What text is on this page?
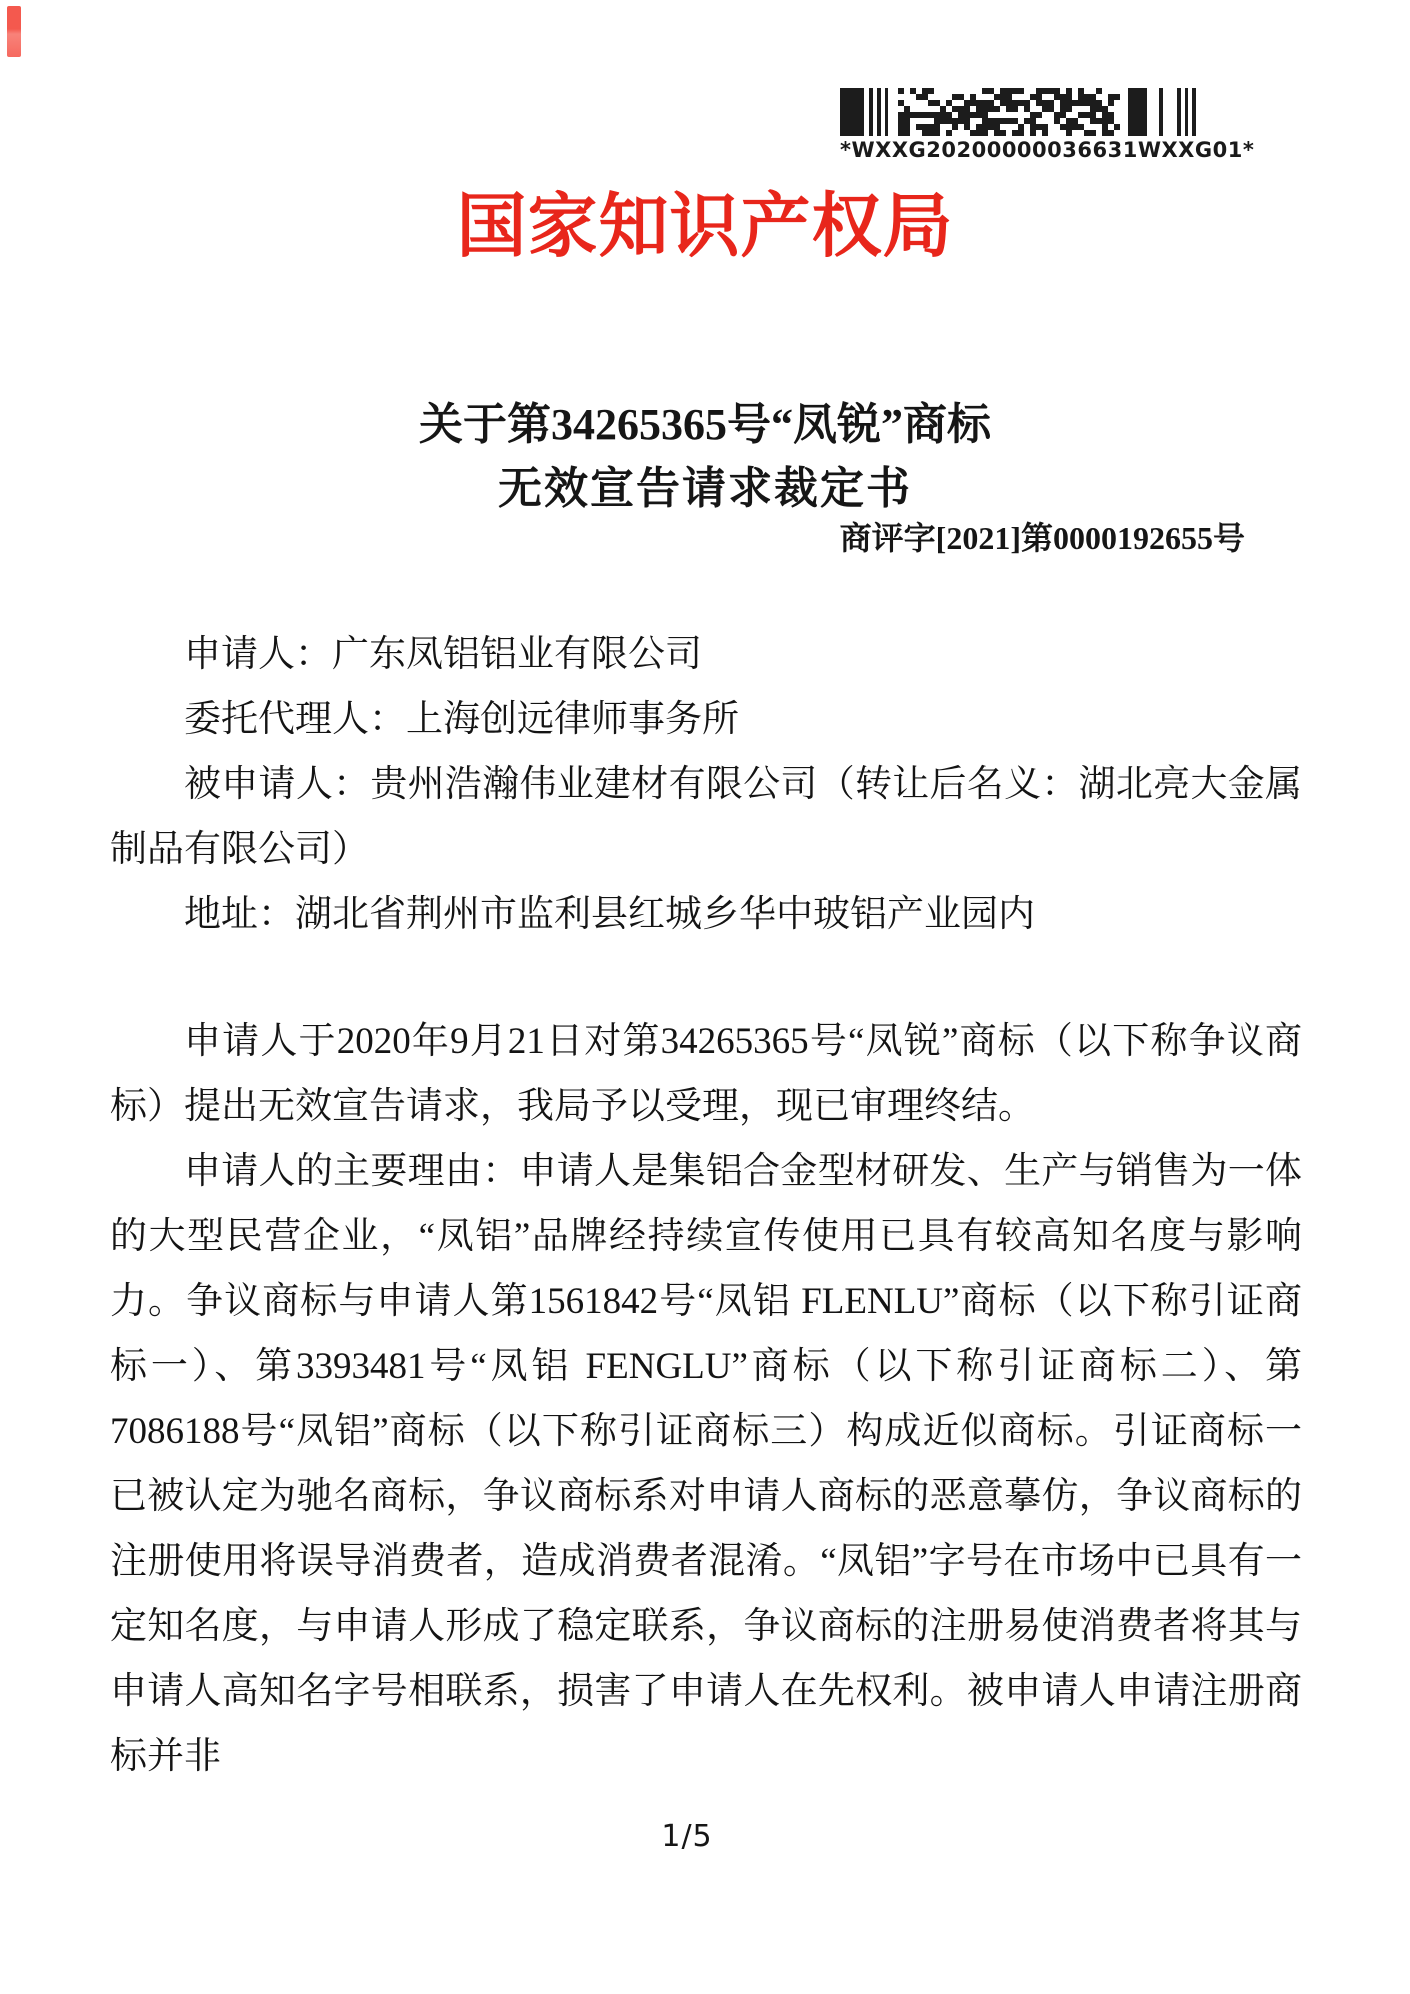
*WXXG20200000036631WXXG01*
国家知识产权局
关于第34265365号“凤锐”商标
无效宣告请求裁定书
商评字[2021]第0000192655号

申请人：广东凤铝铝业有限公司

委托代理人：上海创远律师事务所

被申请人：贵州浩瀚伟业建材有限公司（转让后名义：湖北亮大金属制品有限公司）

地址：湖北省荆州市监利县红城乡华中玻铝产业园内

申请人于2020年9月21日对第34265365号“凤锐”商标（以下称争议商标）提出无效宣告请求，我局予以受理，现已审理终结。

申请人的主要理由：申请人是集铝合金型材研发、生产与销售为一体的大型民营企业，“凤铝”品牌经持续宣传使用已具有较高知名度与影响力。争议商标与申请人第1561842号“凤铝 FLENLU”商标（以下称引证商标一）、第3393481号“凤铝 FENGLU”商标（以下称引证商标二）、第7086188号“凤铝”商标（以下称引证商标三）构成近似商标。引证商标一已被认定为驰名商标，争议商标系对申请人商标的恶意摹仿，争议商标的注册使用将误导消费者，造成消费者混淆。“凤铝”字号在市场中已具有一定知名度，与申请人形成了稳定联系，争议商标的注册易使消费者将其与申请人高知名字号相联系，损害了申请人在先权利。被申请人申请注册商标并非

1/5
